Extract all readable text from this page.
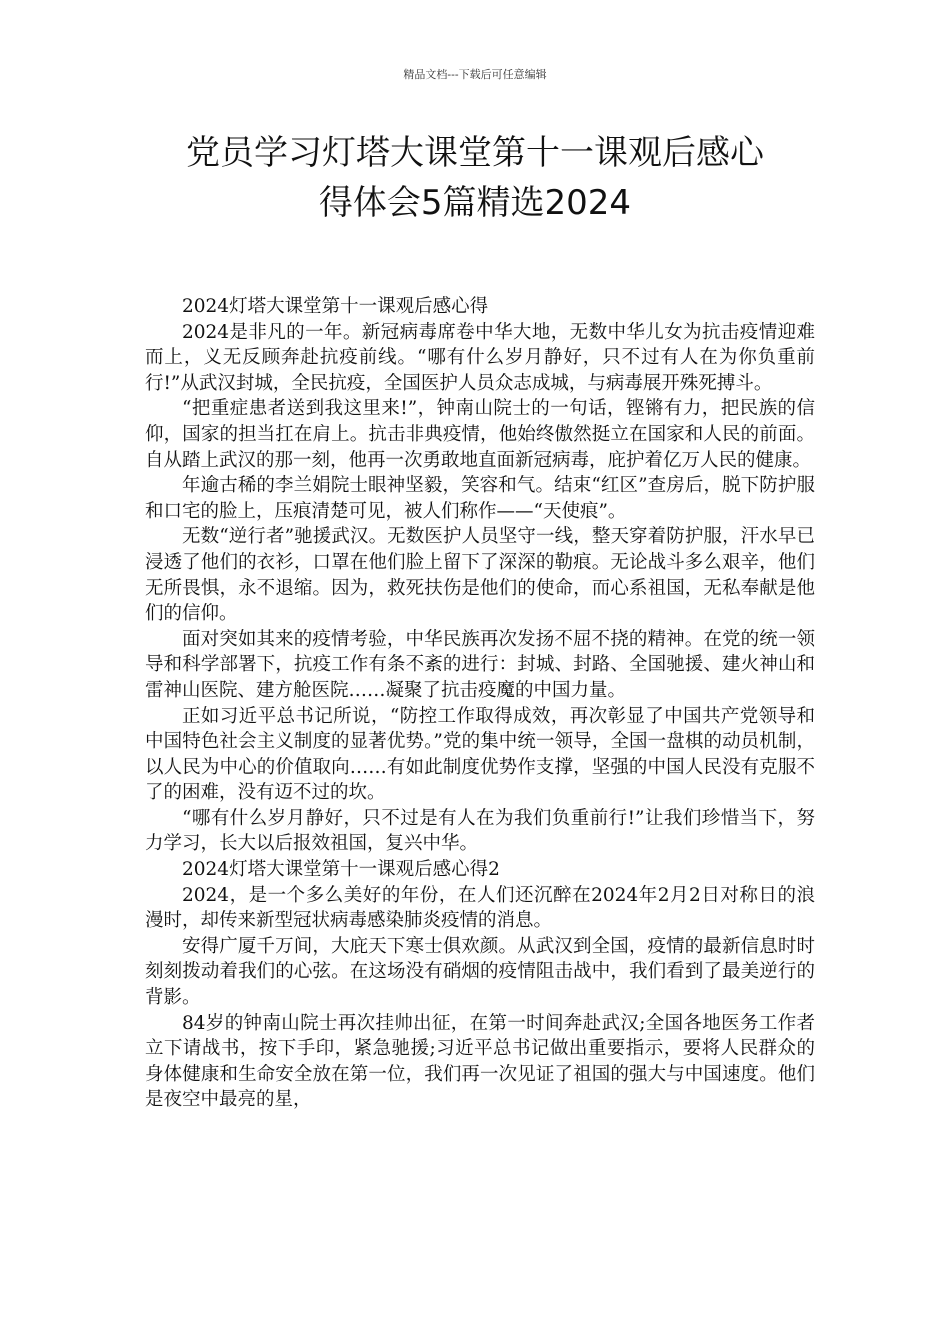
精品文档---下载后可任意编辑
党员学习灯塔大课堂第十一课观后感心
得体会5篇精选2024

2024灯塔大课堂第十一课观后感心得

2024是非凡的一年。新冠病毒席卷中华大地，无数中华儿女为抗击疫情迎难而上，义无反顾奔赴抗疫前线。“哪有什么岁月静好，只不过有人在为你负重前行!”从武汉封城，全民抗疫，全国医护人员众志成城，与病毒展开殊死搏斗。

“把重症患者送到我这里来!”，钟南山院士的一句话，铿锵有力，把民族的信仰，国家的担当扛在肩上。抗击非典疫情，他始终傲然挺立在国家和人民的前面。自从踏上武汉的那一刻，他再一次勇敢地直面新冠病毒，庇护着亿万人民的健康。

年逾古稀的李兰娟院士眼神坚毅，笑容和气。结束“红区”查房后，脱下防护服和口宅的脸上，压痕清楚可见，被人们称作——“天使痕”。

无数“逆行者”驰援武汉。无数医护人员坚守一线，整天穿着防护服，汗水早已浸透了他们的衣衫，口罩在他们脸上留下了深深的勒痕。无论战斗多么艰辛，他们无所畏惧，永不退缩。因为，救死扶伤是他们的使命，而心系祖国，无私奉献是他们的信仰。

面对突如其来的疫情考验，中华民族再次发扬不屈不挠的精神。在党的统一领导和科学部署下，抗疫工作有条不紊的进行：封城、封路、全国驰援、建火神山和雷神山医院、建方舱医院……凝聚了抗击疫魔的中国力量。

正如习近平总书记所说，“防控工作取得成效，再次彰显了中国共产党领导和中国特色社会主义制度的显著优势。”党的集中统一领导，全国一盘棋的动员机制，以人民为中心的价值取向……有如此制度优势作支撑，坚强的中国人民没有克服不了的困难，没有迈不过的坎。

“哪有什么岁月静好，只不过是有人在为我们负重前行!”让我们珍惜当下，努力学习，长大以后报效祖国，复兴中华。

2024灯塔大课堂第十一课观后感心得2

2024，是一个多么美好的年份，在人们还沉醉在2024年2月2日对称日的浪漫时，却传来新型冠状病毒感染肺炎疫情的消息。

安得广厦千万间，大庇天下寒士俱欢颜。从武汉到全国，疫情的最新信息时时刻刻拨动着我们的心弦。在这场没有硝烟的疫情阻击战中，我们看到了最美逆行的背影。

84岁的钟南山院士再次挂帅出征，在第一时间奔赴武汉;全国各地医务工作者立下请战书，按下手印，紧急驰援;习近平总书记做出重要指示，要将人民群众的身体健康和生命安全放在第一位，我们再一次见证了祖国的强大与中国速度。他们是夜空中最亮的星，
